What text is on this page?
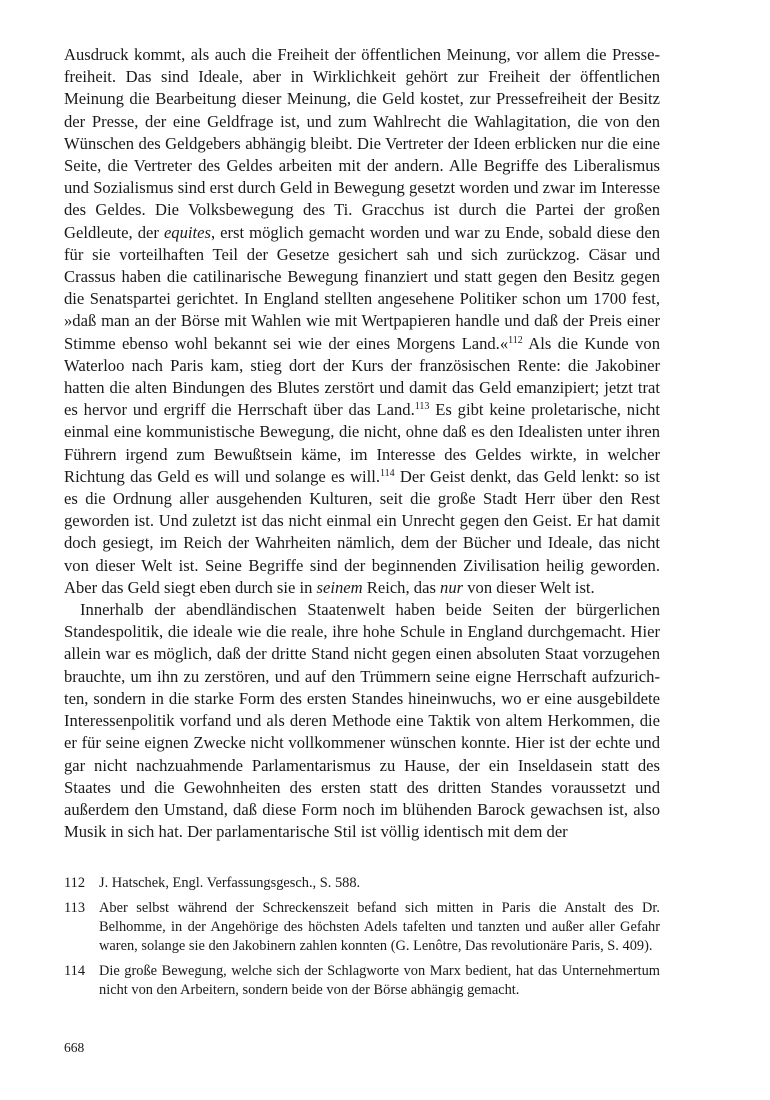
Ausdruck kommt, als auch die Freiheit der öffentlichen Meinung, vor allem die Pressefreiheit. Das sind Ideale, aber in Wirklichkeit gehört zur Freiheit der öffentlichen Meinung die Bearbeitung dieser Meinung, die Geld kostet, zur Pressefreiheit der Besitz der Presse, der eine Geldfrage ist, und zum Wahlrecht die Wahlagitation, die von den Wünschen des Geldgebers abhängig bleibt. Die Vertreter der Ideen erblicken nur die eine Seite, die Vertreter des Geldes arbeiten mit der andern. Alle Begriffe des Liberalismus und Sozialismus sind erst durch Geld in Bewegung gesetzt worden und zwar im Interesse des Geldes. Die Volksbewegung des Ti. Gracchus ist durch die Partei der großen Geldleute, der equites, erst möglich gemacht worden und war zu Ende, sobald diese den für sie vorteilhaften Teil der Gesetze gesichert sah und sich zurückzog. Cäsar und Crassus haben die catilinarische Bewegung finanziert und statt gegen den Besitz gegen die Senatspartei gerichtet. In England stellten angesehene Politiker schon um 1700 fest, »daß man an der Börse mit Wahlen wie mit Wertpapieren handle und daß der Preis einer Stimme ebenso wohl bekannt sei wie der eines Morgens Land.«$^{112}$ Als die Kunde von Waterloo nach Paris kam, stieg dort der Kurs der französischen Rente: die Jakobiner hatten die alten Bindungen des Blutes zerstört und damit das Geld emanzipiert; jetzt trat es hervor und ergriff die Herrschaft über das Land.$^{113}$ Es gibt keine proletarische, nicht einmal eine kommunistische Bewegung, die nicht, ohne daß es den Idealisten unter ihren Führern irgend zum Bewußtsein käme, im Interesse des Geldes wirkte, in welcher Richtung das Geld es will und solange es will.$^{114}$ Der Geist denkt, das Geld lenkt: so ist es die Ordnung aller ausgehenden Kulturen, seit die große Stadt Herr über den Rest geworden ist. Und zuletzt ist das nicht einmal ein Unrecht gegen den Geist. Er hat damit doch gesiegt, im Reich der Wahrheiten nämlich, dem der Bücher und Ideale, das nicht von dieser Welt ist. Seine Begriffe sind der beginnenden Zivilisation heilig geworden. Aber das Geld siegt eben durch sie in seinem Reich, das nur von dieser Welt ist.

Innerhalb der abendländischen Staatenwelt haben beide Seiten der bürgerlichen Standespolitik, die ideale wie die reale, ihre hohe Schule in England durchgemacht. Hier allein war es möglich, daß der dritte Stand nicht gegen einen absoluten Staat vorzugehen brauchte, um ihn zu zerstören, und auf den Trümmern seine eigne Herrschaft aufzurichten, sondern in die starke Form des ersten Standes hineinwuchs, wo er eine ausgebildete Interessenpolitik vorfand und als deren Methode eine Taktik von altem Herkommen, die er für seine eignen Zwecke nicht vollkommener wünschen konnte. Hier ist der echte und gar nicht nachzuahmende Parlamentarismus zu Hause, der ein Inseldasein statt des Staates und die Gewohnheiten des ersten statt des dritten Standes voraussetzt und außerdem den Umstand, daß diese Form noch im blühenden Barock gewachsen ist, also Musik in sich hat. Der parlamentarische Stil ist völlig identisch mit dem der

112 J. Hatschek, Engl. Verfassungsgesch., S. 588.
113 Aber selbst während der Schreckenszeit befand sich mitten in Paris die Anstalt des Dr. Belhomme, in der Angehörige des höchsten Adels tafelten und tanzten und außer aller Gefahr waren, solange sie den Jakobinern zahlen konnten (G. Lenôtre, Das revolutionäre Paris, S. 409).
114 Die große Bewegung, welche sich der Schlagworte von Marx bedient, hat das Unternehmertum nicht von den Arbeitern, sondern beide von der Börse abhängig gemacht.
668
